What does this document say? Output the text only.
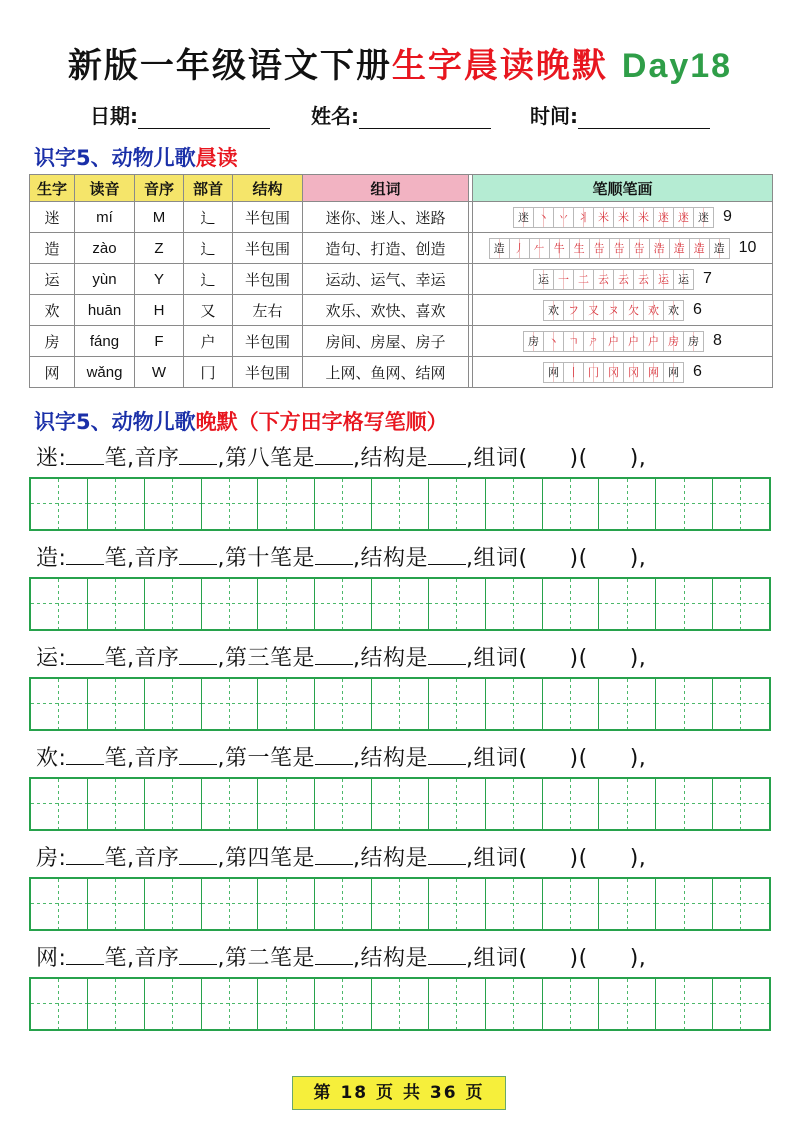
新版一年级语文下册生字晨读晚默 Day18
日期:	姓名:	时间:
识字5、动物儿歌晨读
生字	读音	音序	部首	结构	组词		笔顺笔画
迷	mí	M	辶	半包围	迷你、迷人、迷路		迷 丶 丷 丬 米 米 米 迷 迷 迷 9
造	zào	Z	辶	半包围	造句、打造、创造		造 丿 𠂉 牛 生 告 告 告 浩 造 造 造 10
运	yùn	Y	辶	半包围	运动、运气、幸运		运 一 二 云 云 云 运 运 7
欢	huān	H	又	左右	欢乐、欢快、喜欢		欢 フ 又 ヌ 欠 欢 欢 6
房	fáng	F	户	半包围	房间、房屋、房子		房 丶 ㄱ ㄕ 户 户 户 房 房 8
网	wǎng	W	冂	半包围	上网、鱼网、结网		网 丨 冂 冈 冈 网 网 6
识字5、动物儿歌晚默（下方田字格写笔顺）
迷: 笔,音序 ,第八笔是 ,结构是 ,组词( )( ),
造: 笔,音序 ,第十笔是 ,结构是 ,组词( )( ),
运: 笔,音序 ,第三笔是 ,结构是 ,组词( )( ),
欢: 笔,音序 ,第一笔是 ,结构是 ,组词( )( ),
房: 笔,音序 ,第四笔是 ,结构是 ,组词( )( ),
网: 笔,音序 ,第二笔是 ,结构是 ,组词( )( ),
第 18 页 共 36 页
